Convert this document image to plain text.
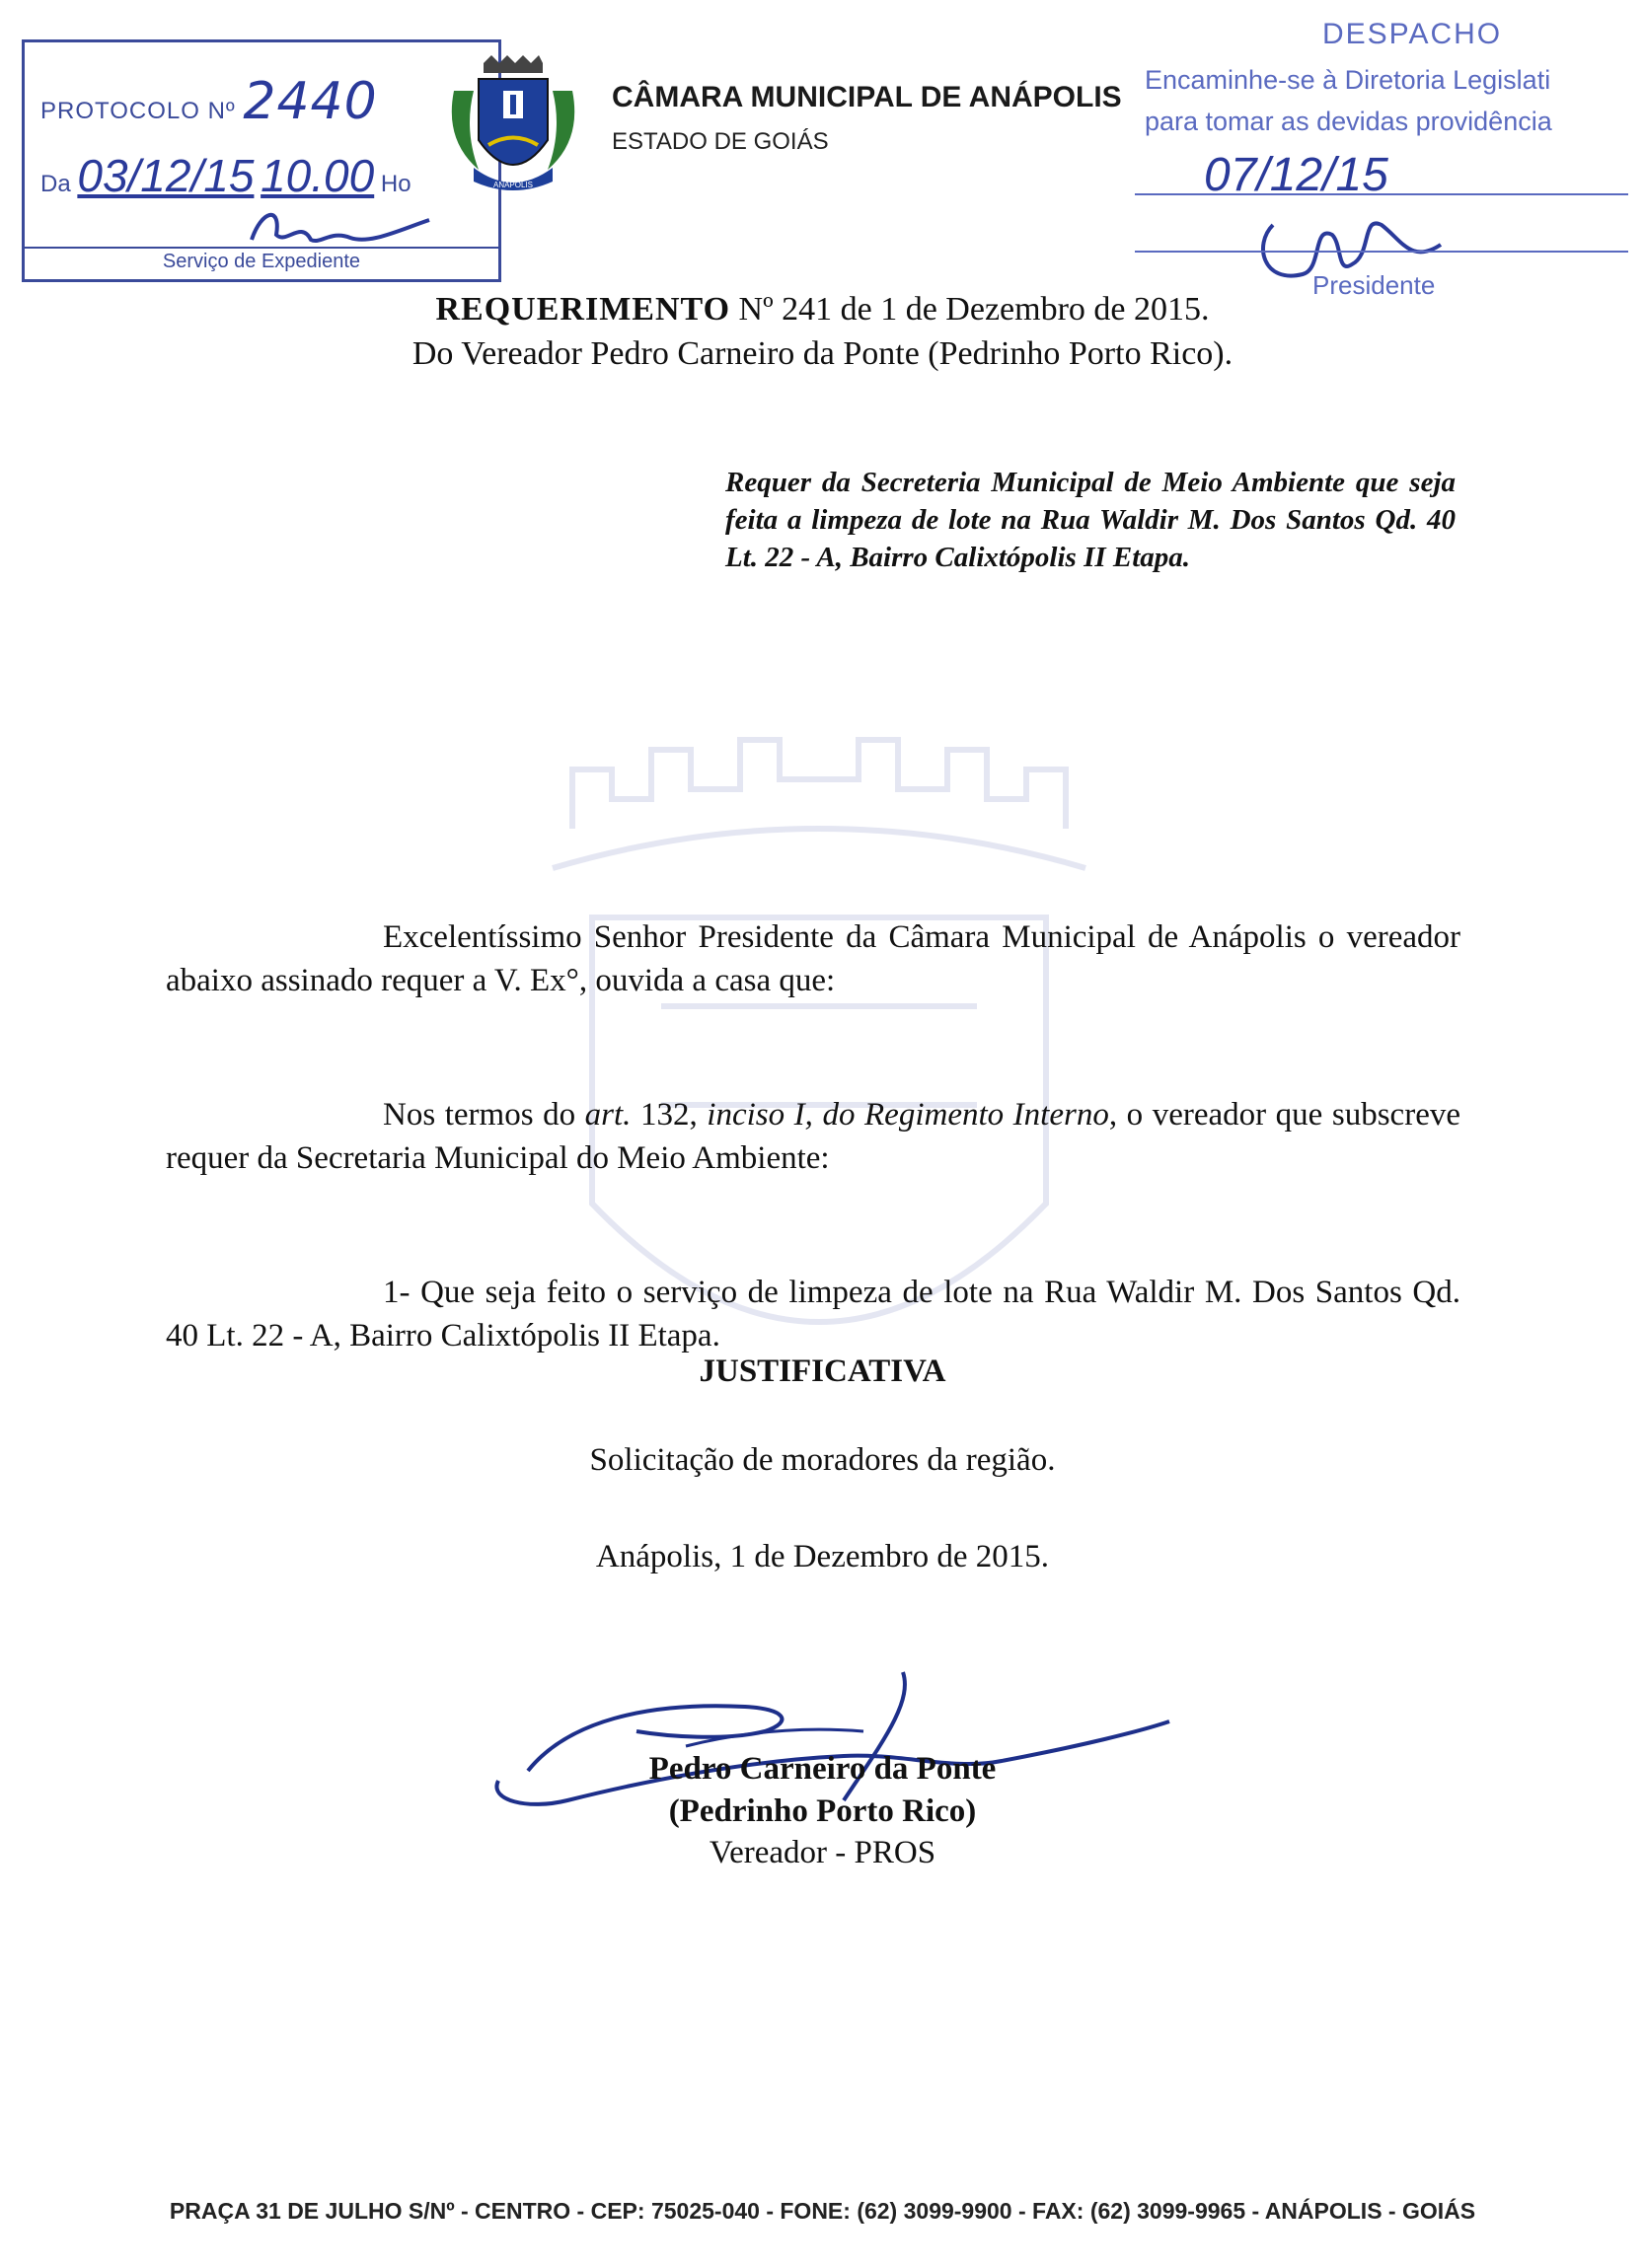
PROTOCOLO Nº 2440
Da 03/12/15 10.00 Ho
Serviço de Expediente
ANÁPOLIS
CÂMARA MUNICIPAL DE ANÁPOLIS
ESTADO DE GOIÁS
DESPACHO
Encaminhe-se à Diretoria Legislati
para tomar as devidas providência
07/12/15
Presidente
REQUERIMENTO Nº 241 de 1 de Dezembro de 2015.
Do Vereador Pedro Carneiro da Ponte (Pedrinho Porto Rico).
Requer da Secreteria Municipal de Meio Ambiente que seja feita a limpeza de lote na Rua Waldir M. Dos Santos Qd. 40 Lt. 22 - A, Bairro Calixtópolis II Etapa.
Excelentíssimo Senhor Presidente da Câmara Municipal de Anápolis o vereador abaixo assinado requer a V. Ex°, ouvida a casa que:
Nos termos do art. 132, inciso I, do Regimento Interno, o vereador que subscreve requer da Secretaria Municipal do Meio Ambiente:
1- Que seja feito o serviço de limpeza de lote na Rua Waldir M. Dos Santos Qd. 40 Lt. 22 - A, Bairro Calixtópolis II Etapa.
JUSTIFICATIVA
Solicitação de moradores da região.
Anápolis, 1 de Dezembro de 2015.
Pedro Carneiro da Ponte
(Pedrinho Porto Rico)
Vereador - PROS
PRAÇA 31 DE JULHO S/Nº - CENTRO - CEP: 75025-040 - FONE: (62) 3099-9900 - FAX: (62) 3099-9965 - ANÁPOLIS - GOIÁS
